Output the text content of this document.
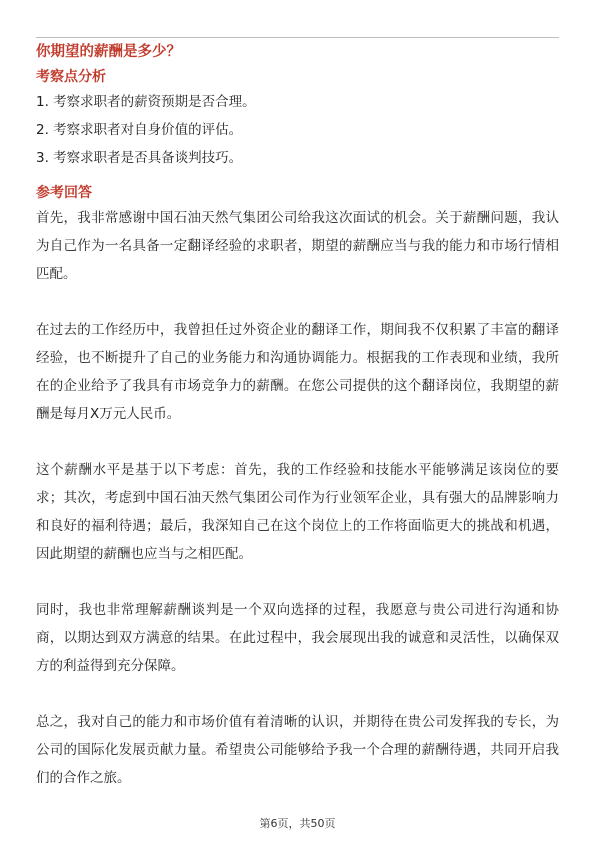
你期望的薪酬是多少？

考察点分析

1. 考察求职者的薪资预期是否合理。

2. 考察求职者对自身价值的评估。

3. 考察求职者是否具备谈判技巧。

参考回答

首先，我非常感谢中国石油天然气集团公司给我这次面试的机会。关于薪酬问题，我认为自己作为一名具备一定翻译经验的求职者，期望的薪酬应当与我的能力和市场行情相匹配。

在过去的工作经历中，我曾担任过外资企业的翻译工作，期间我不仅积累了丰富的翻译经验，也不断提升了自己的业务能力和沟通协调能力。根据我的工作表现和业绩，我所在的企业给予了我具有市场竞争力的薪酬。在您公司提供的这个翻译岗位，我期望的薪酬是每月X万元人民币。

这个薪酬水平是基于以下考虑：首先，我的工作经验和技能水平能够满足该岗位的要求；其次，考虑到中国石油天然气集团公司作为行业领军企业，具有强大的品牌影响力和良好的福利待遇；最后，我深知自己在这个岗位上的工作将面临更大的挑战和机遇，因此期望的薪酬也应当与之相匹配。

同时，我也非常理解薪酬谈判是一个双向选择的过程，我愿意与贵公司进行沟通和协商，以期达到双方满意的结果。在此过程中，我会展现出我的诚意和灵活性，以确保双方的利益得到充分保障。

总之，我对自己的能力和市场价值有着清晰的认识，并期待在贵公司发挥我的专长，为公司的国际化发展贡献力量。希望贵公司能够给予我一个合理的薪酬待遇，共同开启我们的合作之旅。

第6页，共50页
